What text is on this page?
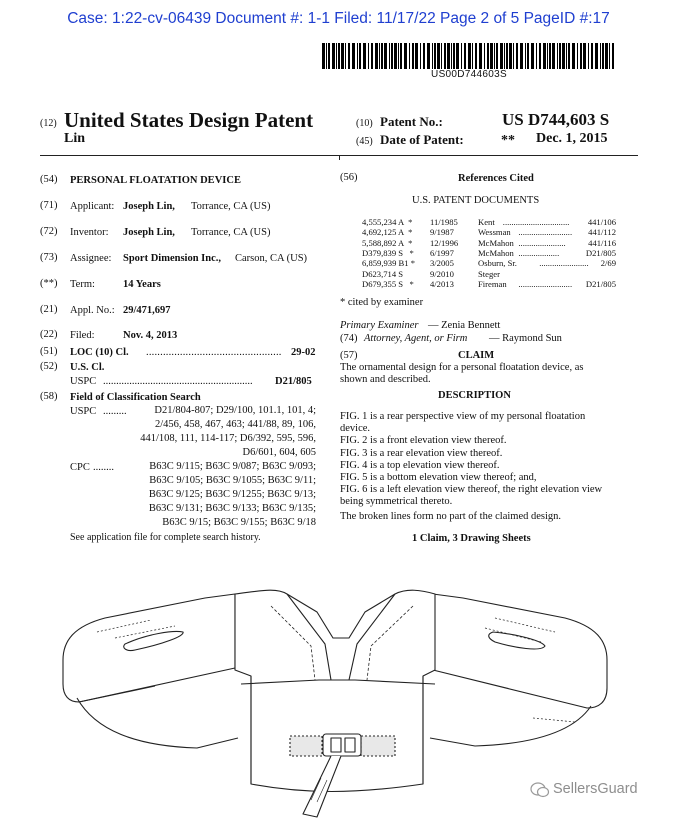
Case: 1:22-cv-06439 Document #: 1-1 Filed: 11/17/22 Page 2 of 5 PageID #:17
US00D744603S
(12) United States Design Patent
Lin
(10) Patent No.:	US D744,603 S
(45) Date of Patent:	** Dec. 1, 2015
(54) PERSONAL FLOATATION DEVICE
(71) Applicant: Joseph Lin, Torrance, CA (US)
(72) Inventor: Joseph Lin, Torrance, CA (US)
(73) Assignee: Sport Dimension Inc., Carson, CA (US)
(**) Term:	14 Years
(21) Appl. No.: 29/471,697
(22) Filed:	Nov. 4, 2013
(51) LOC (10) Cl. ................................................ 29-02
(52) U.S. Cl.
USPC ......................................................... D21/805
(58) Field of Classification Search
USPC .........	D21/804-807; D29/100, 101.1, 101, 4;
2/456, 458, 467, 463; 441/88, 89, 106,
441/108, 111, 114-117; D6/392, 595, 596,
D6/601, 604, 605
CPC ........	B63C 9/115; B63C 9/087; B63C 9/093;
B63C 9/105; B63C 9/1055; B63C 9/11;
B63C 9/125; B63C 9/1255; B63C 9/13;
B63C 9/131; B63C 9/133; B63C 9/135;
B63C 9/15; B63C 9/155; B63C 9/18
See application file for complete search history.
(56)	References Cited
U.S. PATENT DOCUMENTS
4,555,234 A  * 11/1985 Kent	441/106
...............................
4,692,125 A  * 9/1987	Wessman	441/112
.........................
5,588,892 A  * 12/1996 McMahon	441/116
......................
D379,839 S   * 6/1997	McMahon	D21/805
...................
6,859,939 B1 * 3/2005	Osburn, Sr.	2/69
.......................
D623,714 S	9/2010	Steger
D679,355 S   * 4/2013	Fireman	D21/805
.........................
* cited by examiner
Primary Examiner — Zenia Bennett
(74) Attorney, Agent, or Firm — Raymond Sun
(57)	CLAIM
The ornamental design for a personal floatation device, as
shown and described.
DESCRIPTION
FIG. 1 is a rear perspective view of my personal floatation
device.
FIG. 2 is a front elevation view thereof.
FIG. 3 is a rear elevation view thereof.
FIG. 4 is a top elevation view thereof.
FIG. 5 is a bottom elevation view thereof; and,
FIG. 6 is a left elevation view thereof, the right elevation view
being symmetrical thereto.
The broken lines form no part of the claimed design.
1 Claim, 3 Drawing Sheets
SellersGuard
